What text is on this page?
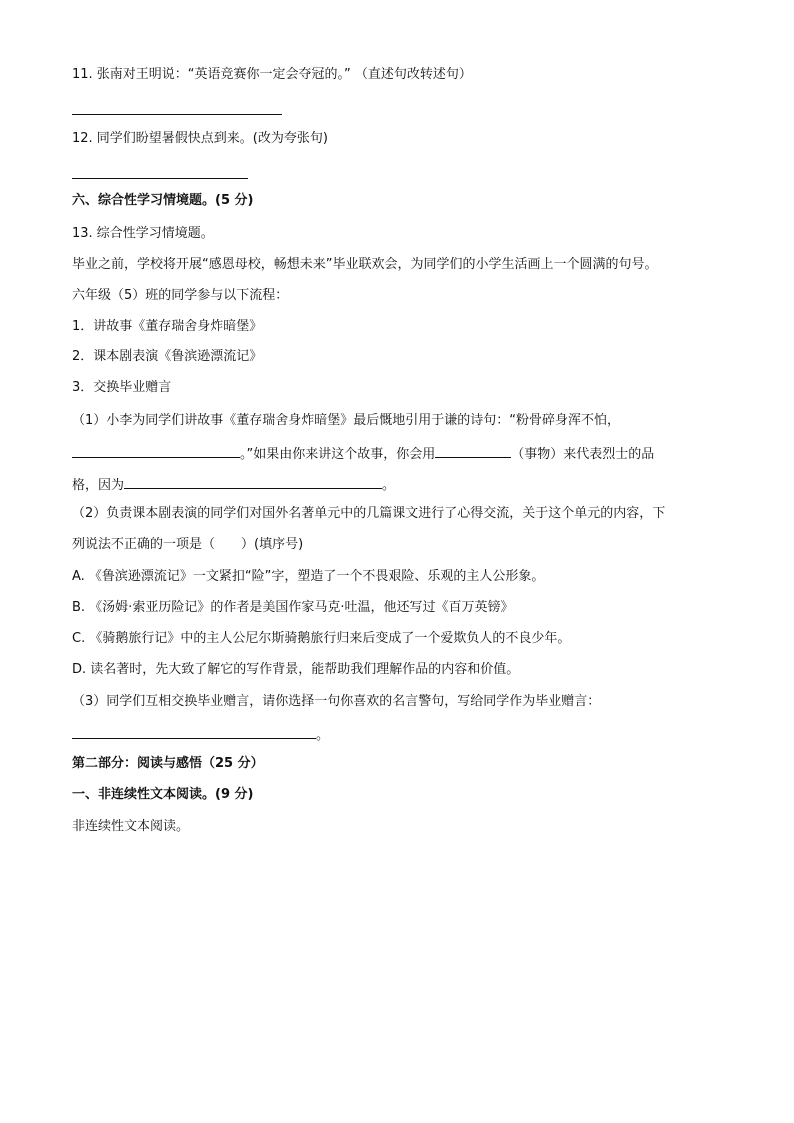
11. 张南对王明说：“英语竞赛你一定会夺冠的。” （直述句改转述句）
12. 同学们盼望暑假快点到来。(改为夸张句)
六、综合性学习情境题。(5 分)
13. 综合性学习情境题。
毕业之前，学校将开展“感恩母校，畅想未来”毕业联欢会，为同学们的小学生活画上一个圆满的句号。
六年级（5）班的同学参与以下流程：
1．讲故事《董存瑞舍身炸暗堡》
2．课本剧表演《鲁滨逊漂流记》
3．交换毕业赠言
（1）小李为同学们讲故事《董存瑞舍身炸暗堡》最后慨地引用于谦的诗句：“粉骨碎身浑不怕，
。”如果由你来讲这个故事，你会用	（事物）来代表烈士的品
格，因为	。
（2）负责课本剧表演的同学们对国外名著单元中的几篇课文进行了心得交流，关于这个单元的内容，下
列说法不正确的一项是（　　）(填序号)
A. 《鲁滨逊漂流记》一文紧扣“险”字，塑造了一个不畏艰险、乐观的主人公形象。
B. 《汤姆·索亚历险记》的作者是美国作家马克·吐温，他还写过《百万英镑》
C. 《骑鹅旅行记》中的主人公尼尔斯骑鹅旅行归来后变成了一个爱欺负人的不良少年。
D. 读名著时，先大致了解它的写作背景，能帮助我们理解作品的内容和价值。
（3）同学们互相交换毕业赠言，请你选择一句你喜欢的名言警句，写给同学作为毕业赠言：
。
第二部分：阅读与感悟（25 分）
一、非连续性文本阅读。(9 分)
非连续性文本阅读。
